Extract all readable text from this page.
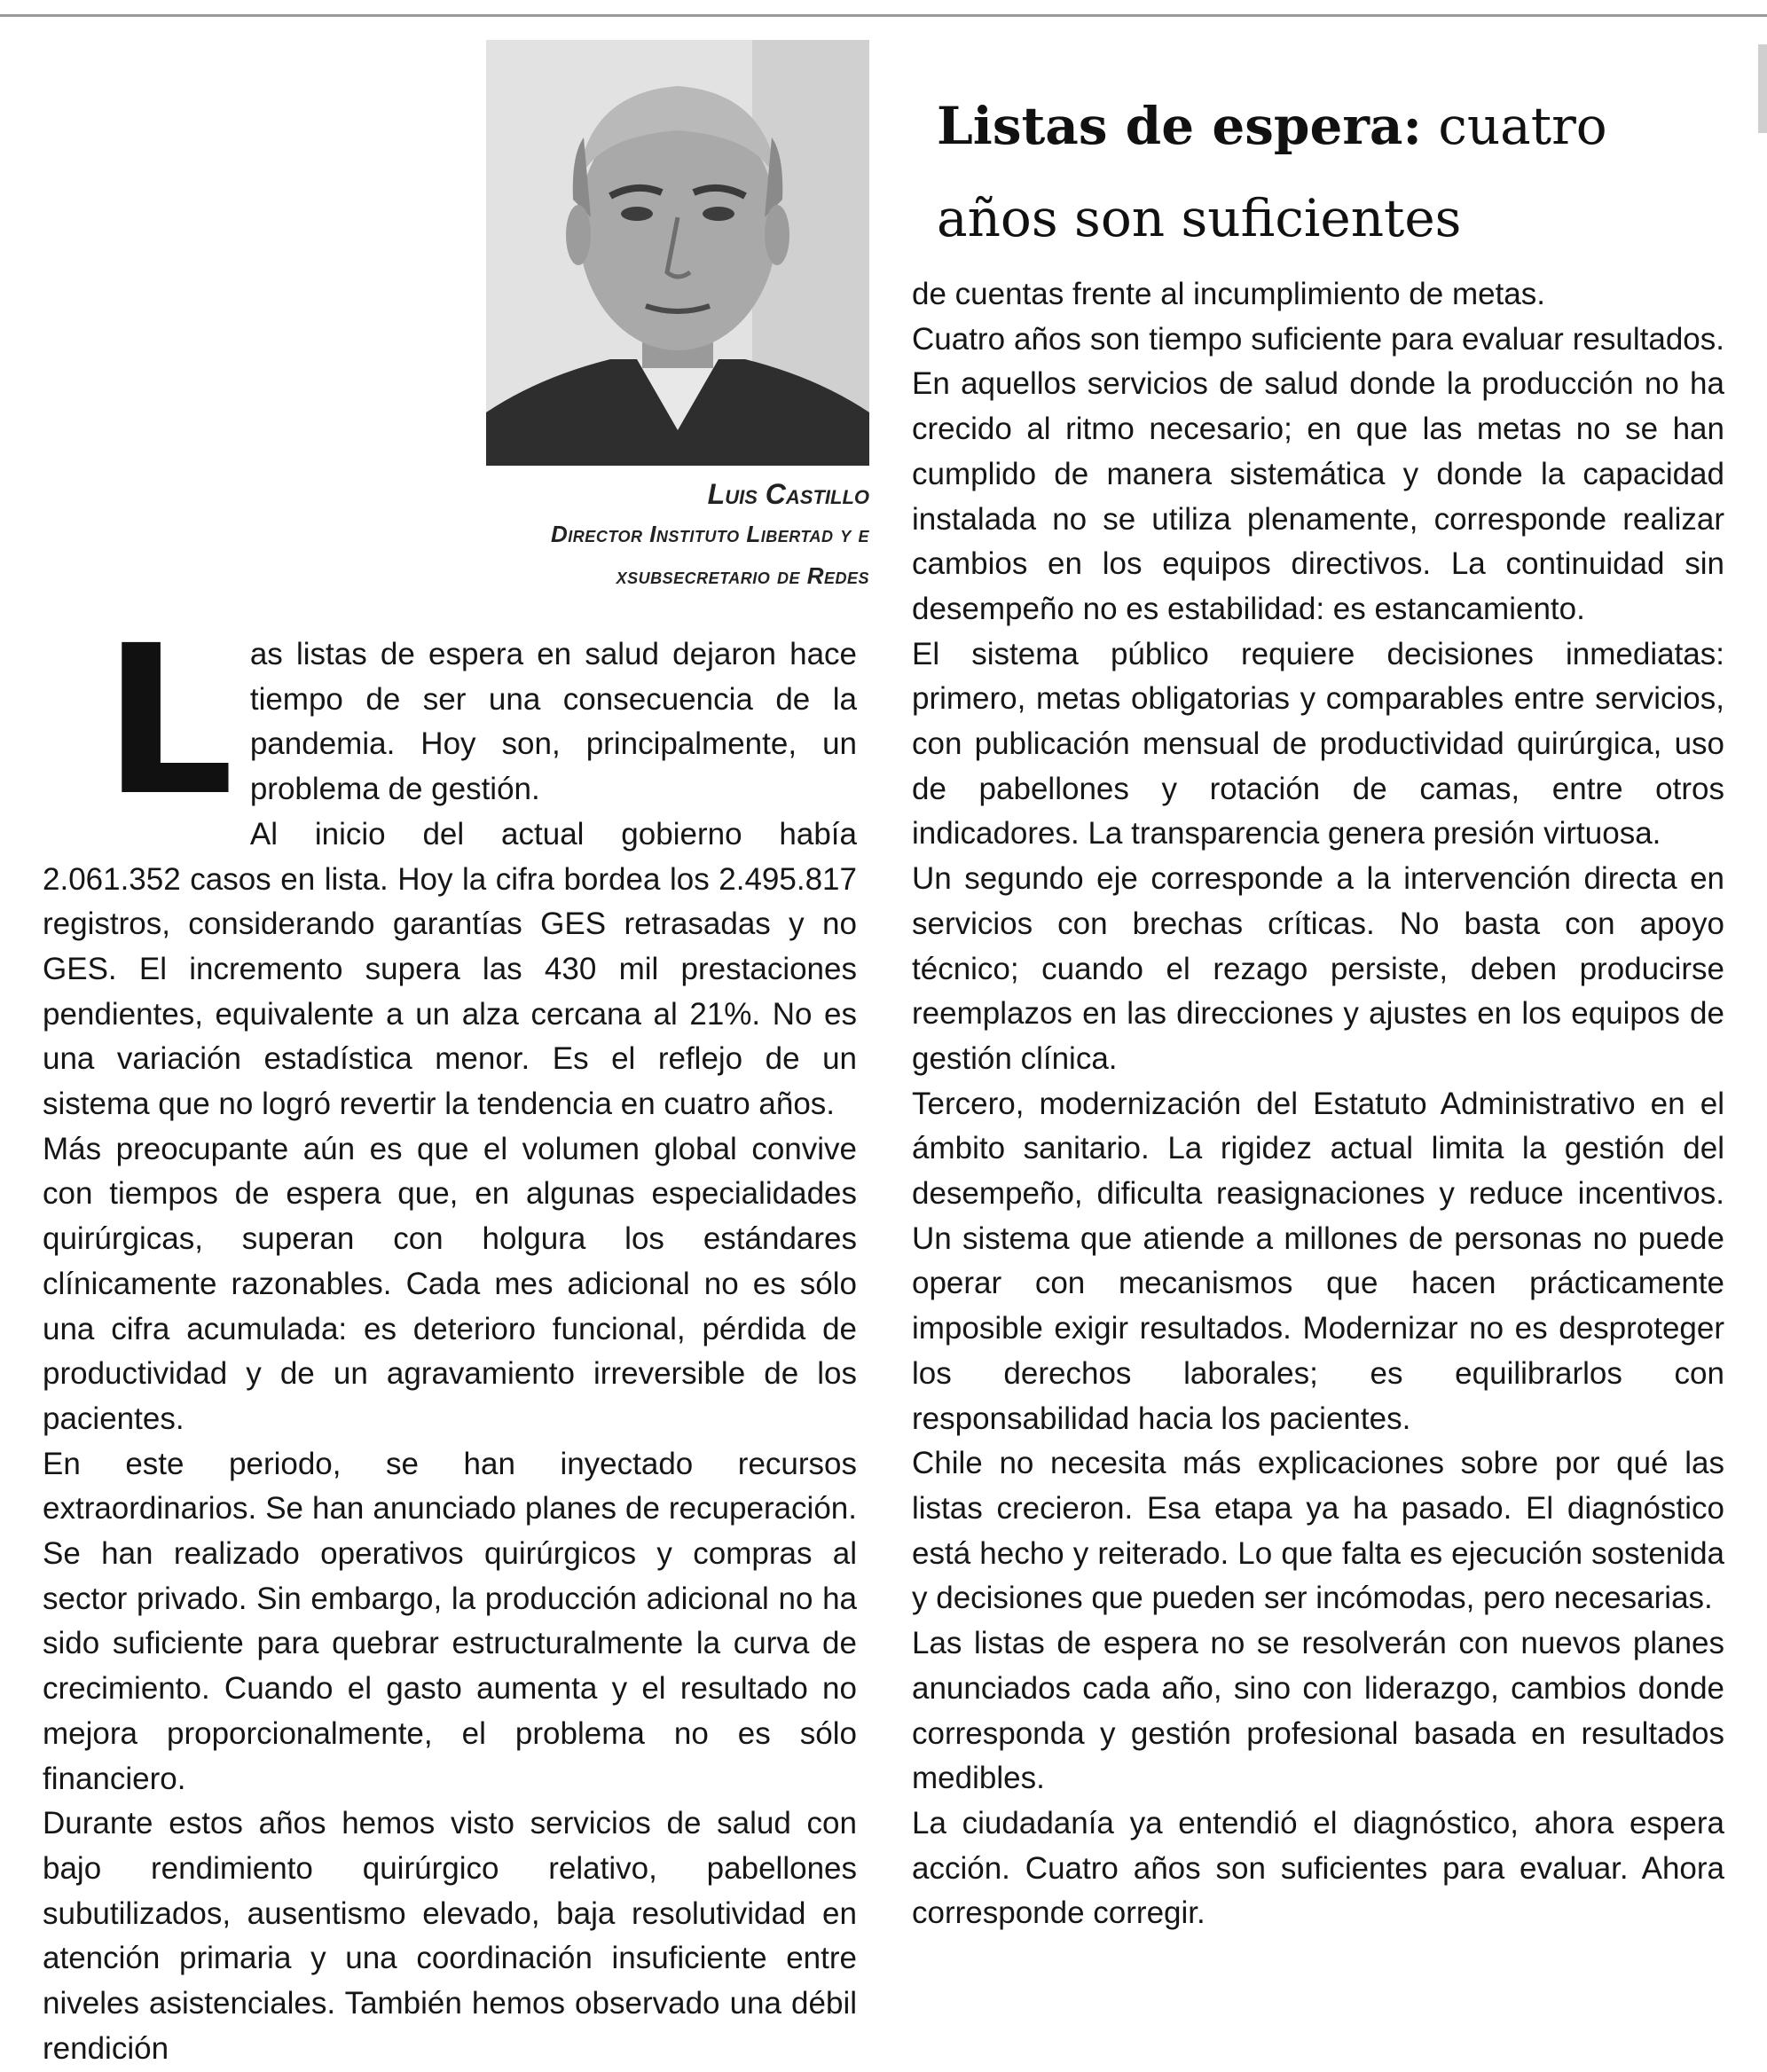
Luis Castillo
Director Instituto Libertad y e
xsubsecretario de Redes
Listas de espera: cuatro años son suficientes
L as listas de espera en salud dejaron hace tiempo de ser una consecuencia de la pandemia. Hoy son, principalmente, un problema de gestión.

Al inicio del actual gobierno había 2.061.352 casos en lista. Hoy la cifra bordea los 2.495.817 registros, considerando garantías GES retrasadas y no GES. El incremento supera las 430 mil prestaciones pendientes, equivalente a un alza cercana al 21%. No es una variación estadística menor. Es el reflejo de un sistema que no logró revertir la tendencia en cuatro años.

Más preocupante aún es que el volumen global convive con tiempos de espera que, en algunas especialidades quirúrgicas, superan con holgura los estándares clínicamente razonables. Cada mes adicional no es sólo una cifra acumulada: es deterioro funcional, pérdida de productividad y de un agravamiento irreversible de los pacientes.

En este periodo, se han inyectado recursos extraordinarios. Se han anunciado planes de recuperación. Se han realizado operativos quirúrgicos y compras al sector privado. Sin embargo, la producción adicional no ha sido suficiente para quebrar estructuralmente la curva de crecimiento. Cuando el gasto aumenta y el resultado no mejora proporcionalmente, el problema no es sólo financiero.

Durante estos años hemos visto servicios de salud con bajo rendimiento quirúrgico relativo, pabellones subutilizados, ausentismo elevado, baja resolutividad en atención primaria y una coordinación insuficiente entre niveles asistenciales. También hemos observado una débil rendición

de cuentas frente al incumplimiento de metas.

Cuatro años son tiempo suficiente para evaluar resultados. En aquellos servicios de salud donde la producción no ha crecido al ritmo necesario; en que las metas no se han cumplido de manera sistemática y donde la capacidad instalada no se utiliza plenamente, corresponde realizar cambios en los equipos directivos. La continuidad sin desempeño no es estabilidad: es estancamiento.

El sistema público requiere decisiones inmediatas: primero, metas obligatorias y comparables entre servicios, con publicación mensual de productividad quirúrgica, uso de pabellones y rotación de camas, entre otros indicadores. La transparencia genera presión virtuosa.

Un segundo eje corresponde a la intervención directa en servicios con brechas críticas. No basta con apoyo técnico; cuando el rezago persiste, deben producirse reemplazos en las direcciones y ajustes en los equipos de gestión clínica.

Tercero, modernización del Estatuto Administrativo en el ámbito sanitario. La rigidez actual limita la gestión del desempeño, dificulta reasignaciones y reduce incentivos. Un sistema que atiende a millones de personas no puede operar con mecanismos que hacen prácticamente imposible exigir resultados. Modernizar no es desproteger los derechos laborales; es equilibrarlos con responsabilidad hacia los pacientes.

Chile no necesita más explicaciones sobre por qué las listas crecieron. Esa etapa ya ha pasado. El diagnóstico está hecho y reiterado. Lo que falta es ejecución sostenida y decisiones que pueden ser incómodas, pero necesarias.

Las listas de espera no se resolverán con nuevos planes anunciados cada año, sino con liderazgo, cambios donde corresponda y gestión profesional basada en resultados medibles.

La ciudadanía ya entendió el diagnóstico, ahora espera acción. Cuatro años son suficientes para evaluar. Ahora corresponde corregir.
